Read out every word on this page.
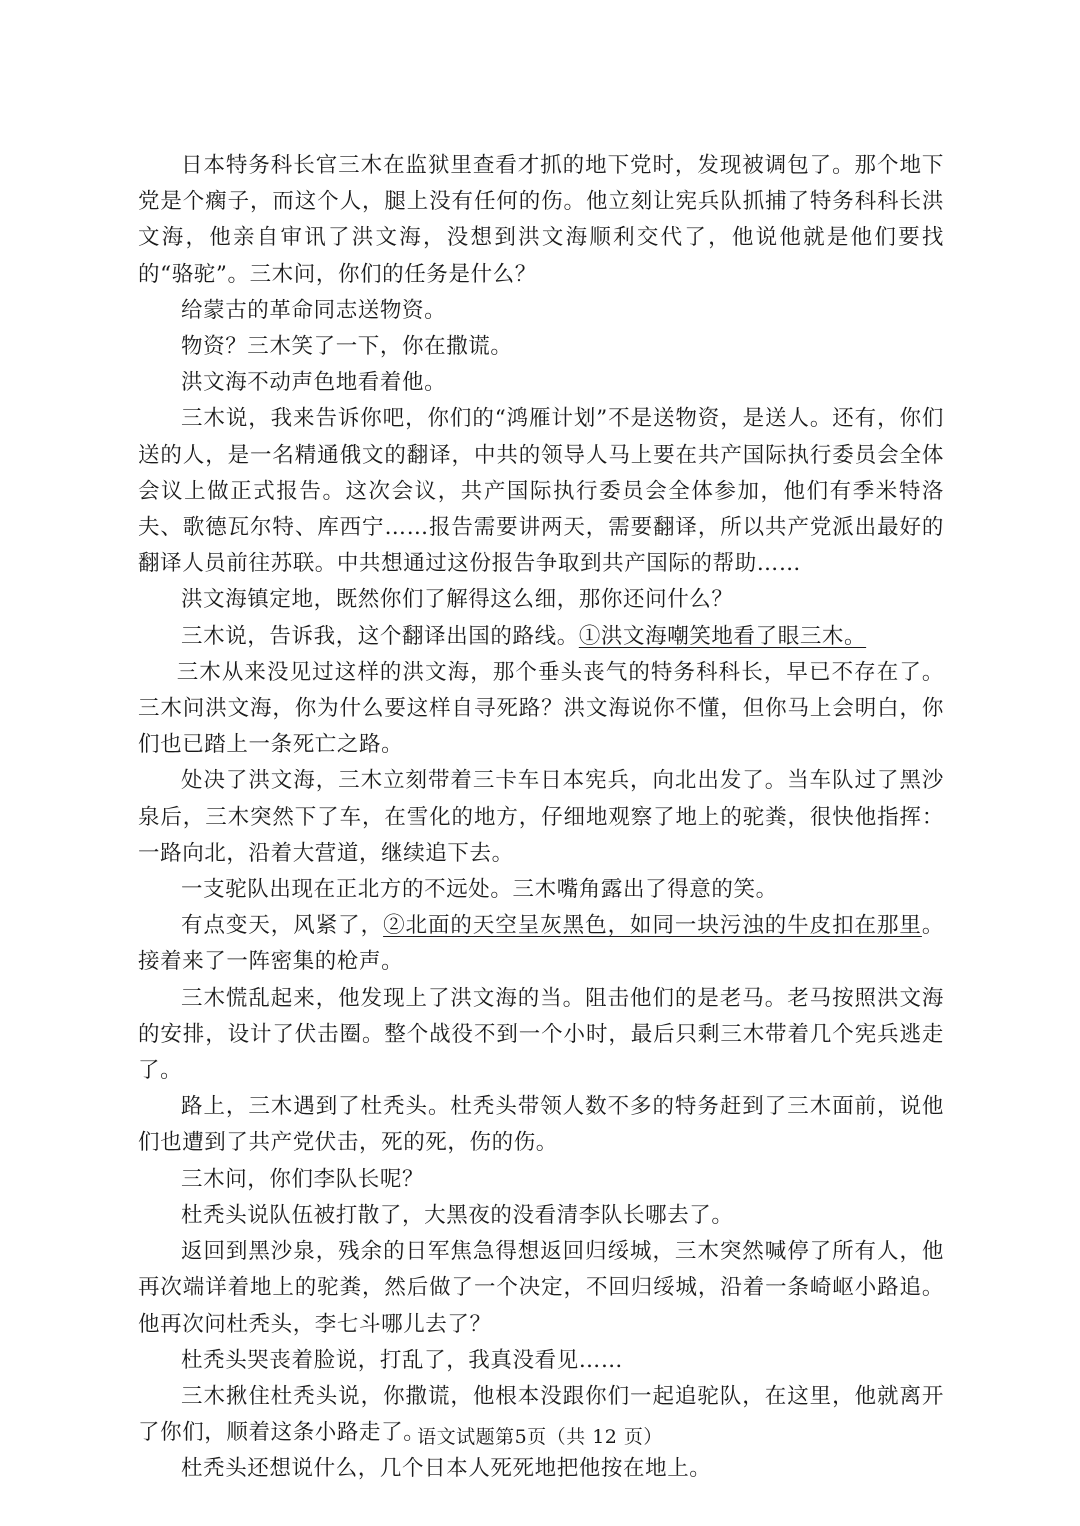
日本特务科长官三木在监狱里查看才抓的地下党时，发现被调包了。那个地下党是个瘸子，而这个人，腿上没有任何的伤。他立刻让宪兵队抓捕了特务科科长洪文海，他亲自审讯了洪文海，没想到洪文海顺利交代了，他说他就是他们要找的“骆驼”。三木问，你们的任务是什么？

给蒙古的革命同志送物资。

物资？三木笑了一下，你在撒谎。

洪文海不动声色地看着他。

三木说，我来告诉你吧，你们的“鸿雁计划”不是送物资，是送人。还有，你们送的人，是一名精通俄文的翻译，中共的领导人马上要在共产国际执行委员会全体会议上做正式报告。这次会议，共产国际执行委员会全体参加，他们有季米特洛夫、歌德瓦尔特、库西宁……报告需要讲两天，需要翻译，所以共产党派出最好的翻译人员前往苏联。中共想通过这份报告争取到共产国际的帮助……

洪文海镇定地，既然你们了解得这么细，那你还问什么？

三木说，告诉我，这个翻译出国的路线。①洪文海嘲笑地看了眼三木。

三木从来没见过这样的洪文海，那个垂头丧气的特务科科长，早已不存在了。三木问洪文海，你为什么要这样自寻死路？洪文海说你不懂，但你马上会明白，你们也已踏上一条死亡之路。

处决了洪文海，三木立刻带着三卡车日本宪兵，向北出发了。当车队过了黑沙泉后，三木突然下了车，在雪化的地方，仔细地观察了地上的驼粪，很快他指挥：一路向北，沿着大营道，继续追下去。

一支驼队出现在正北方的不远处。三木嘴角露出了得意的笑。

有点变天，风紧了，②北面的天空呈灰黑色，如同一块污浊的牛皮扣在那里。接着来了一阵密集的枪声。

三木慌乱起来，他发现上了洪文海的当。阻击他们的是老马。老马按照洪文海的安排，设计了伏击圈。整个战役不到一个小时，最后只剩三木带着几个宪兵逃走了。

路上，三木遇到了杜秃头。杜秃头带领人数不多的特务赶到了三木面前，说他们也遭到了共产党伏击，死的死，伤的伤。

三木问，你们李队长呢？

杜秃头说队伍被打散了，大黑夜的没看清李队长哪去了。

返回到黑沙泉，残余的日军焦急得想返回归绥城，三木突然喊停了所有人，他再次端详着地上的驼粪，然后做了一个决定，不回归绥城，沿着一条崎岖小路追。他再次问杜秃头，李七斗哪儿去了？

杜秃头哭丧着脸说，打乱了，我真没看见……

三木揪住杜秃头说，你撒谎，他根本没跟你们一起追驼队，在这里，他就离开了你们，顺着这条小路走了。

杜秃头还想说什么，几个日本人死死地把他按在地上。

语文试题第5页（共 12 页）
